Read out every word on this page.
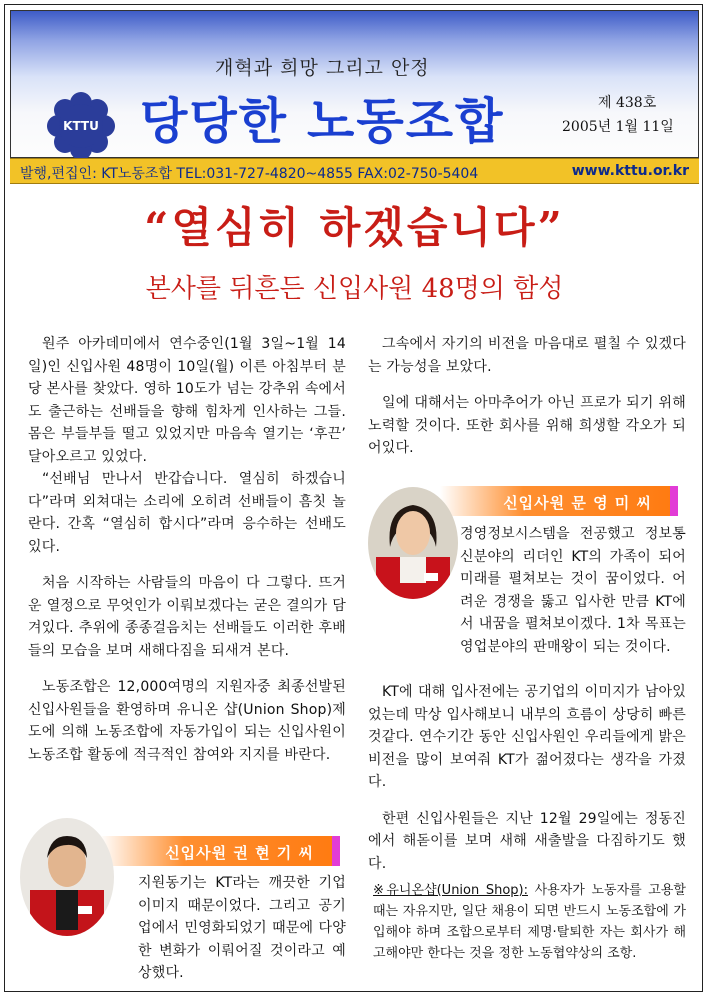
개혁과 희망 그리고 안정
KTTU 당당한 노동조합	제 438호
2005년 1월 11일
발행,편집인: KT노동조합 TEL:031-727-4820~4855 FAX:02-750-5404	www.kttu.or.kr
“열심히 하겠습니다”
본사를 뒤흔든 신입사원 48명의 함성

원주 아카데미에서 연수중인(1월 3일~1월 14일)인 신입사원 48명이 10일(월) 이른 아침부터 분당 본사를 찾았다. 영하 10도가 넘는 강추위 속에서도 출근하는 선배들을 향해 힘차게 인사하는 그들. 몸은 부들부들 떨고 있었지만 마음속 열기는 ‘후끈’ 달아오르고 있었다.

“선배님 만나서 반갑습니다. 열심히 하겠습니다”라며 외쳐대는 소리에 오히려 선배들이 흠칫 놀란다. 간혹 “열심히 합시다”라며 응수하는 선배도 있다.

처음 시작하는 사람들의 마음이 다 그렇다. 뜨거운 열정으로 무엇인가 이뤄보겠다는 굳은 결의가 담겨있다. 추위에 종종걸음치는 선배들도 이러한 후배들의 모습을 보며 새해다짐을 되새겨 본다.

노동조합은 12,000여명의 지원자중 최종선발된 신입사원들을 환영하며 유니온 샵(Union Shop)제도에 의해 노동조합에 자동가입이 되는 신입사원이 노동조합 활동에 적극적인 참여와 지지를 바란다.

신입사원 권 현 기 씨
지원동기는 KT라는 깨끗한 기업이미지 때문이었다. 그리고 공기업에서 민영화되었기 때문에 다양한 변화가 이뤄어질 것이라고 예상했다.

그속에서 자기의 비전을 마음대로 펼칠 수 있겠다는 가능성을 보았다.

일에 대해서는 아마추어가 아닌 프로가 되기 위해 노력할 것이다. 또한 회사를 위해 희생할 각오가 되어있다.

신입사원 문 영 미 씨
경영정보시스템을 전공했고 정보통신분야의 리더인 KT의 가족이 되어 미래를 펼쳐보는 것이 꿈이었다. 어려운 경쟁을 뚫고 입사한 만큼 KT에서 내꿈을 펼쳐보이겠다. 1차 목표는 영업분야의 판매왕이 되는 것이다.

KT에 대해 입사전에는 공기업의 이미지가 남아있었는데 막상 입사해보니 내부의 흐름이 상당히 빠른 것같다. 연수기간 동안 신입사원인 우리들에게 밝은 비전을 많이 보여줘 KT가 젊어졌다는 생각을 가졌다.

한편 신입사원들은 지난 12월 29일에는 정동진에서 해돋이를 보며 새해 새출발을 다짐하기도 했다.

※유니온샵(Union Shop): 사용자가 노동자를 고용할 때는 자유지만, 일단 채용이 되면 반드시 노동조합에 가입해야 하며 조합으로부터 제명·탈퇴한 자는 회사가 해고해야만 한다는 것을 정한 노동협약상의 조항.
